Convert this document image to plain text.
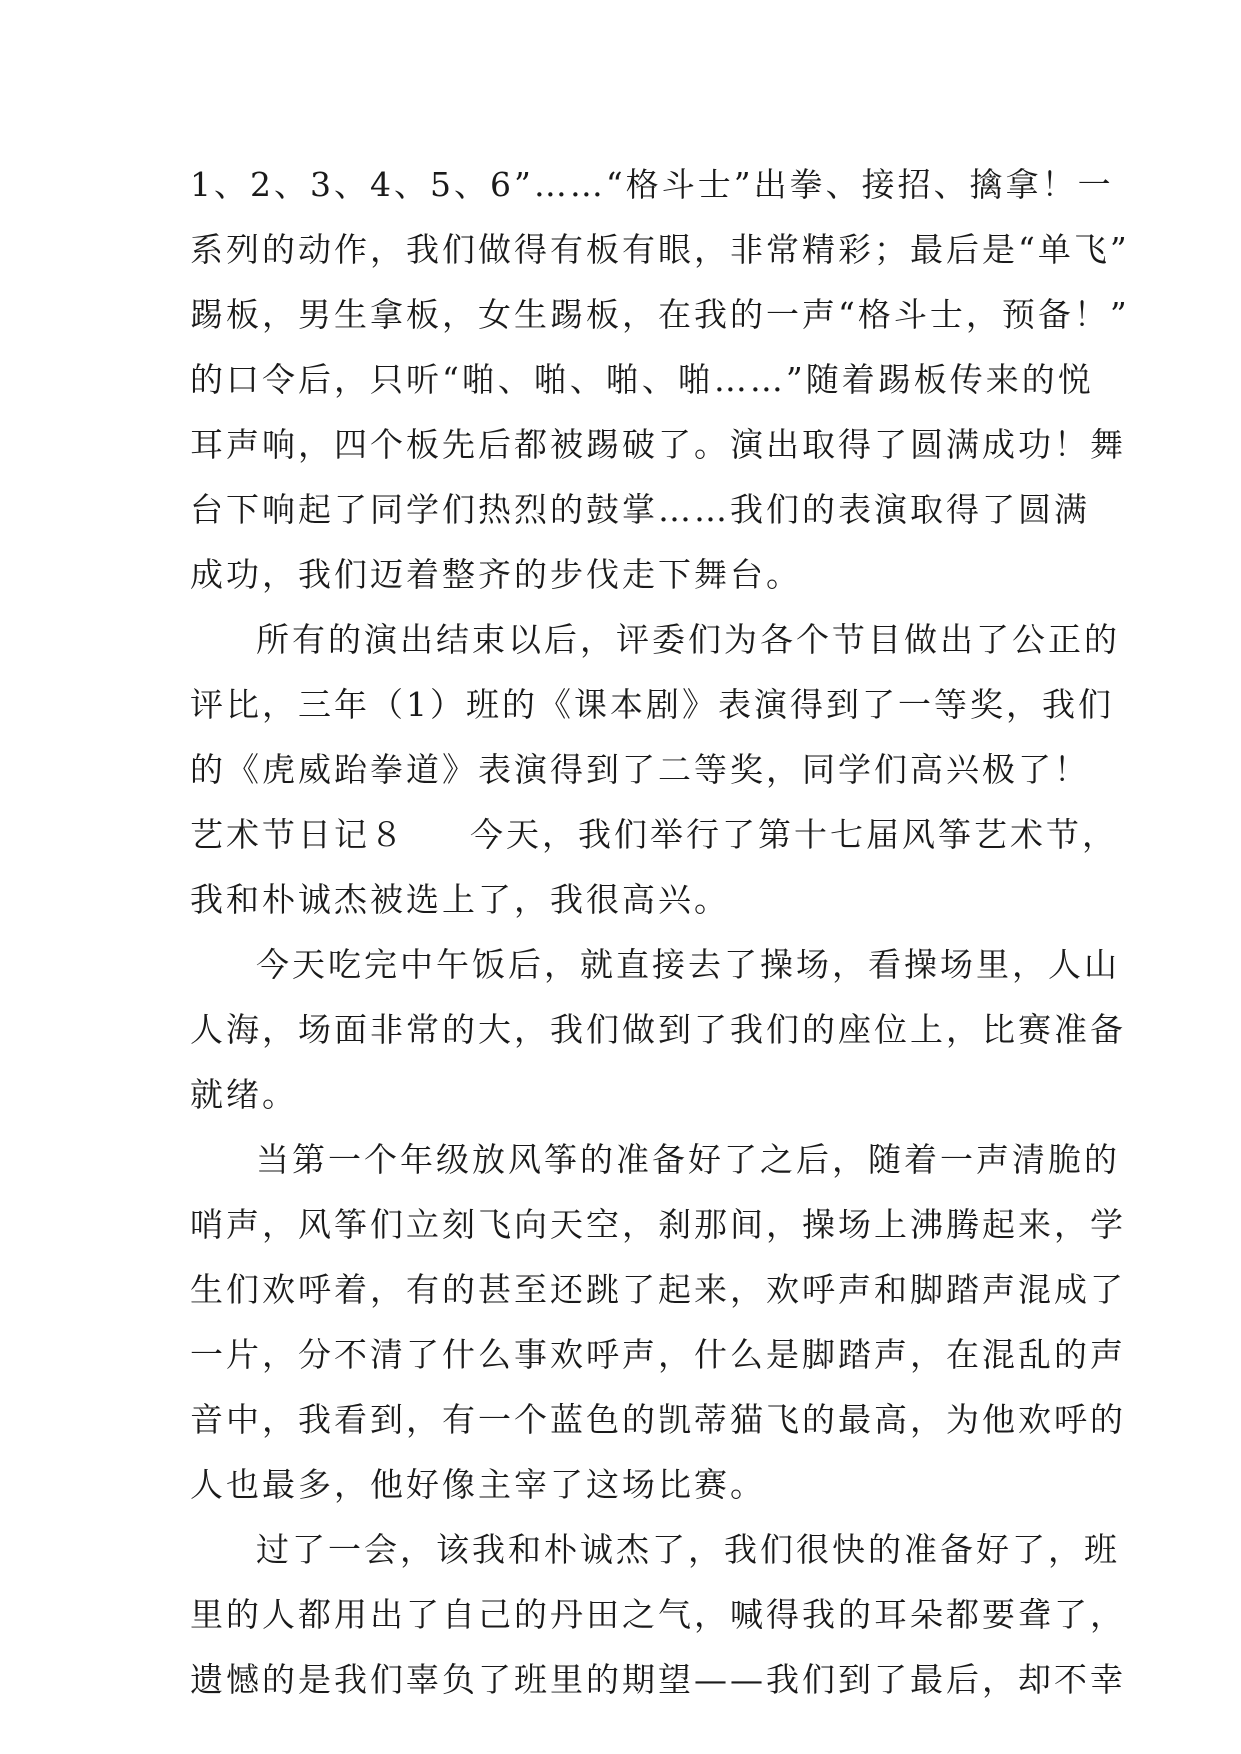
1、2、3、4、5、6”……“格斗士”出拳、接招、擒拿！一
系列的动作，我们做得有板有眼，非常精彩；最后是“单飞”
踢板，男生拿板，女生踢板，在我的一声“格斗士，预备！”
的口令后，只听“啪、啪、啪、啪……”随着踢板传来的悦
耳声响，四个板先后都被踢破了。演出取得了圆满成功！舞
台下响起了同学们热烈的鼓掌……我们的表演取得了圆满
成功，我们迈着整齐的步伐走下舞台。
所有的演出结束以后，评委们为各个节目做出了公正的
评比，三年（1）班的《课本剧》表演得到了一等奖，我们
的《虎威跆拳道》表演得到了二等奖，同学们高兴极了！
艺术节日记８ 今天，我们举行了第十七届风筝艺术节，
我和朴诚杰被选上了，我很高兴。
今天吃完中午饭后，就直接去了操场，看操场里，人山
人海，场面非常的大，我们做到了我们的座位上，比赛准备
就绪。
当第一个年级放风筝的准备好了之后，随着一声清脆的
哨声，风筝们立刻飞向天空，刹那间，操场上沸腾起来，学
生们欢呼着，有的甚至还跳了起来，欢呼声和脚踏声混成了
一片，分不清了什么事欢呼声，什么是脚踏声，在混乱的声
音中，我看到，有一个蓝色的凯蒂猫飞的最高，为他欢呼的
人也最多，他好像主宰了这场比赛。
过了一会，该我和朴诚杰了，我们很快的准备好了，班
里的人都用出了自己的丹田之气，喊得我的耳朵都要聋了，
遗憾的是我们辜负了班里的期望——我们到了最后，却不幸
